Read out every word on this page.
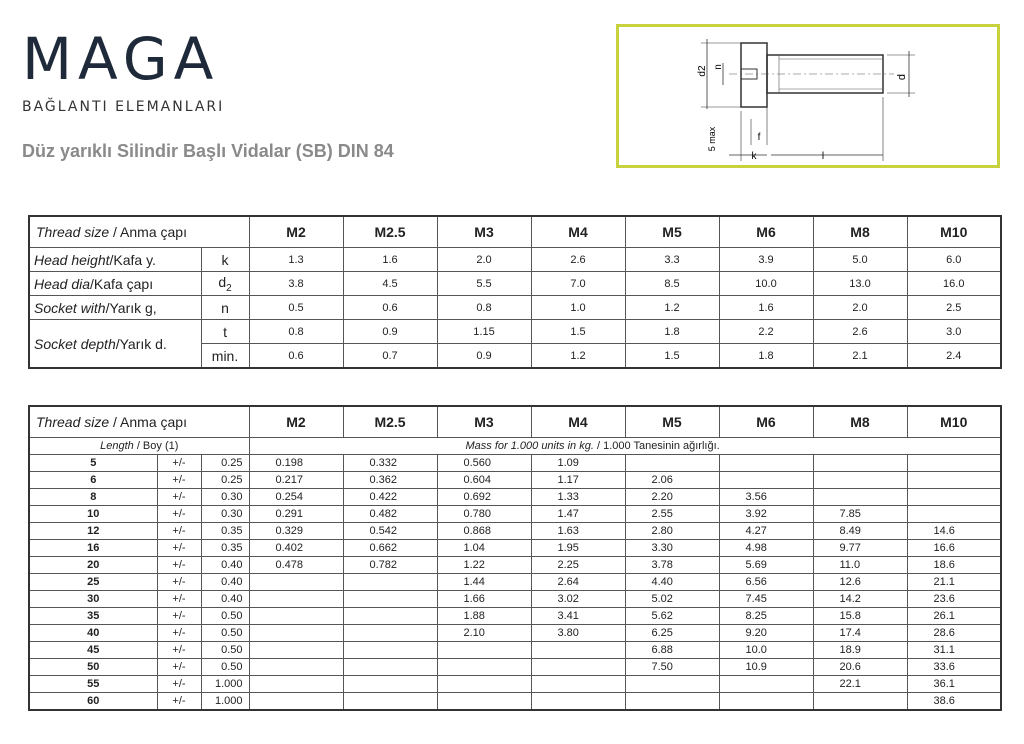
MAGA
BAĞLANTI ELEMANLARI
Düz yarıklı Silindir Başlı Vidalar (SB) DIN 84
d2 n
5 max	f
k	l
d
Thread size / Anma çapı		M2	M2.5	M3	M4	M5	M6	M8	M10
Head height/Kafa y.	k	1.3	1.6	2.0	2.6	3.3	3.9	5.0	6.0
Head dia/Kafa çapı	$d_2$	3.8	4.5	5.5	7.0	8.5	10.0	13.0	16.0
Socket with/Yarık g,	n	0.5	0.6	0.8	1.0	1.2	1.6	2.0	2.5
Socket depth/Yarık d.	t	0.8	0.9	1.15	1.5	1.8	2.2	2.6	3.0
	min.	0.6	0.7	0.9	1.2	1.5	1.8	2.1	2.4
Thread size / Anma çapı			M2	M2.5	M3	M4	M5	M6	M8	M10
Length / Boy (1)			Mass for 1.000 units in kg. / 1.000 Tanesinin ağırlığı.							
5	+/-	0.25	0.198	0.332	0.560	1.09				
6	+/-	0.25	0.217	0.362	0.604	1.17	2.06			
8	+/-	0.30	0.254	0.422	0.692	1.33	2.20	3.56		
10	+/-	0.30	0.291	0.482	0.780	1.47	2.55	3.92	7.85	
12	+/-	0.35	0.329	0.542	0.868	1.63	2.80	4.27	8.49	14.6
16	+/-	0.35	0.402	0.662	1.04	1.95	3.30	4.98	9.77	16.6
20	+/-	0.40	0.478	0.782	1.22	2.25	3.78	5.69	11.0	18.6
25	+/-	0.40			1.44	2.64	4.40	6.56	12.6	21.1
30	+/-	0.40			1.66	3.02	5.02	7.45	14.2	23.6
35	+/-	0.50			1.88	3.41	5.62	8.25	15.8	26.1
40	+/-	0.50			2.10	3.80	6.25	9.20	17.4	28.6
45	+/-	0.50					6.88	10.0	18.9	31.1
50	+/-	0.50					7.50	10.9	20.6	33.6
55	+/-	1.000							22.1	36.1
60	+/-	1.000								38.6
